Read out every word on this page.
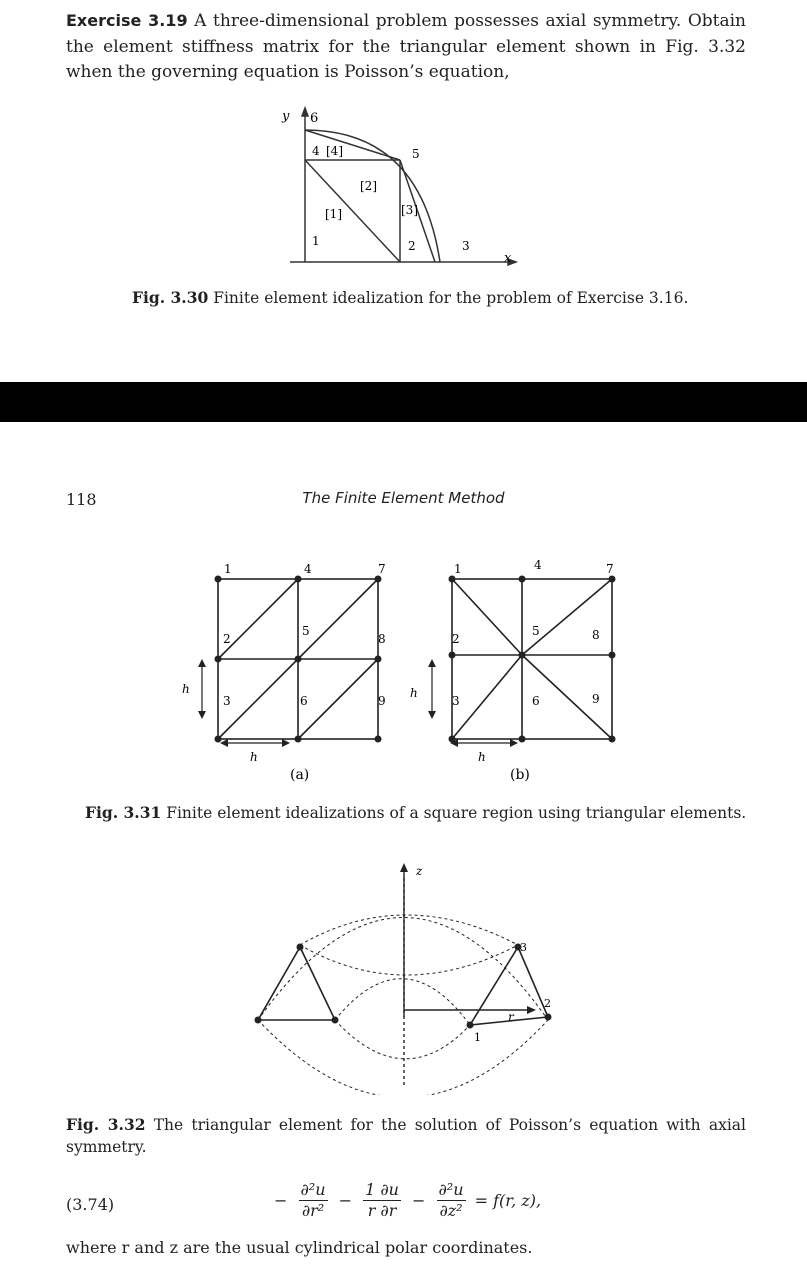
Exercise 3.19 A three-dimensional problem possesses axial symmetry. Obtain the element stiffness matrix for the triangular element shown in Fig. 3.32 when the governing equation is Poisson’s equation,
y 6
4 [4]	5
[2]
[1]	[3]
1	2	3
x
Fig. 3.30 Finite element idealization for the problem of Exercise 3.16.
118	The Finite Element Method
1
2
3
4
5
6
7
8
9
1
2
3
4
5
6
7
8
9
h
h
h
h
(a)	(b)
Fig. 3.31 Finite element idealizations of a square region using triangular elements.
z
r
1
2
3
Fig. 3.32 The triangular element for the solution of Poisson’s equation with axial symmetry.
(3.74)	− $\frac{\text{∂²u}}{\text{∂r²}} - \frac{1 \partial u}{r \partial r} - \frac{\text{∂²u}}{\text{∂z²}} = f(r$, z),
where r and z are the usual cylindrical polar coordinates.
